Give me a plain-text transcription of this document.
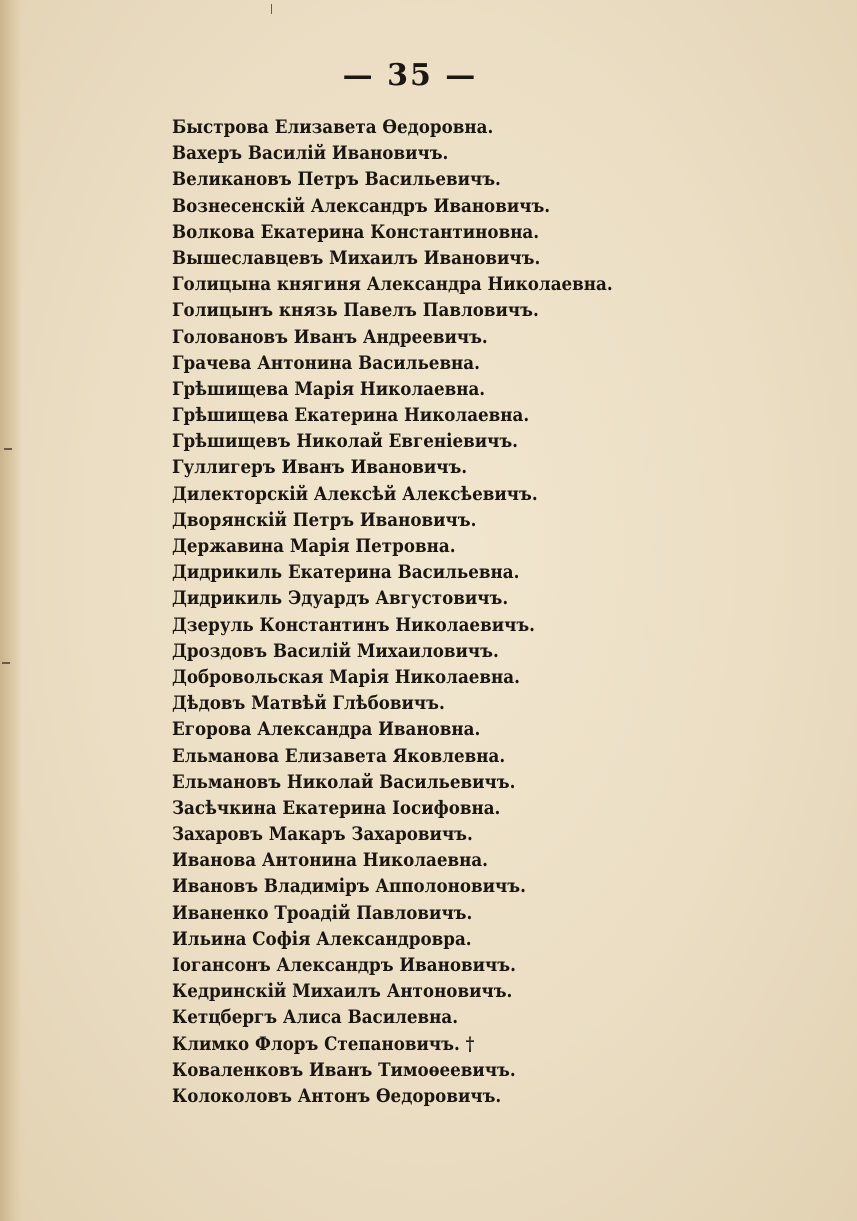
— 35 —
Быстрова Елизавета Өедоровна.
Вахеръ Василій Ивановичъ.
Великановъ Петръ Васильевичъ.
Вознесенскій Александръ Ивановичъ.
Волкова Екатерина Константиновна.
Вышеславцевъ Михаилъ Ивановичъ.
Голицына княгиня Александра Николаевна.
Голицынъ князь Павелъ Павловичъ.
Головановъ Иванъ Андреевичъ.
Грачева Антонина Васильевна.
Грѣшищева Марія Николаевна.
Грѣшищева Екатерина Николаевна.
Грѣшищевъ Николай Евгеніевичъ.
Гуллигеръ Иванъ Ивановичъ.
Дилекторскій Алексѣй Алексѣевичъ.
Дворянскій Петръ Ивановичъ.
Державина Марія Петровна.
Дидрикиль Екатерина Васильевна.
Дидрикиль Эдуардъ Августовичъ.
Дзеруль Константинъ Николаевичъ.
Дроздовъ Василій Михаиловичъ.
Добровольская Марія Николаевна.
Дѣдовъ Матвѣй Глѣбовичъ.
Егорова Александра Ивановна.
Ельманова Елизавета Яковлевна.
Ельмановъ Николай Васильевичъ.
Засѣчкина Екатерина Іосифовна.
Захаровъ Макаръ Захаровичъ.
Иванова Антонина Николаевна.
Ивановъ Владиміръ Апполоновичъ.
Иваненко Троадій Павловичъ.
Ильина Софія Александровра.
Іогансонъ Александръ Ивановичъ.
Кедринскій Михаилъ Антоновичъ.
Кетцбергъ Алиса Василевна.
Климко Флоръ Степановичъ. †
Коваленковъ Иванъ Тимоѳеевичъ.
Колоколовъ Антонъ Өедоровичъ.
